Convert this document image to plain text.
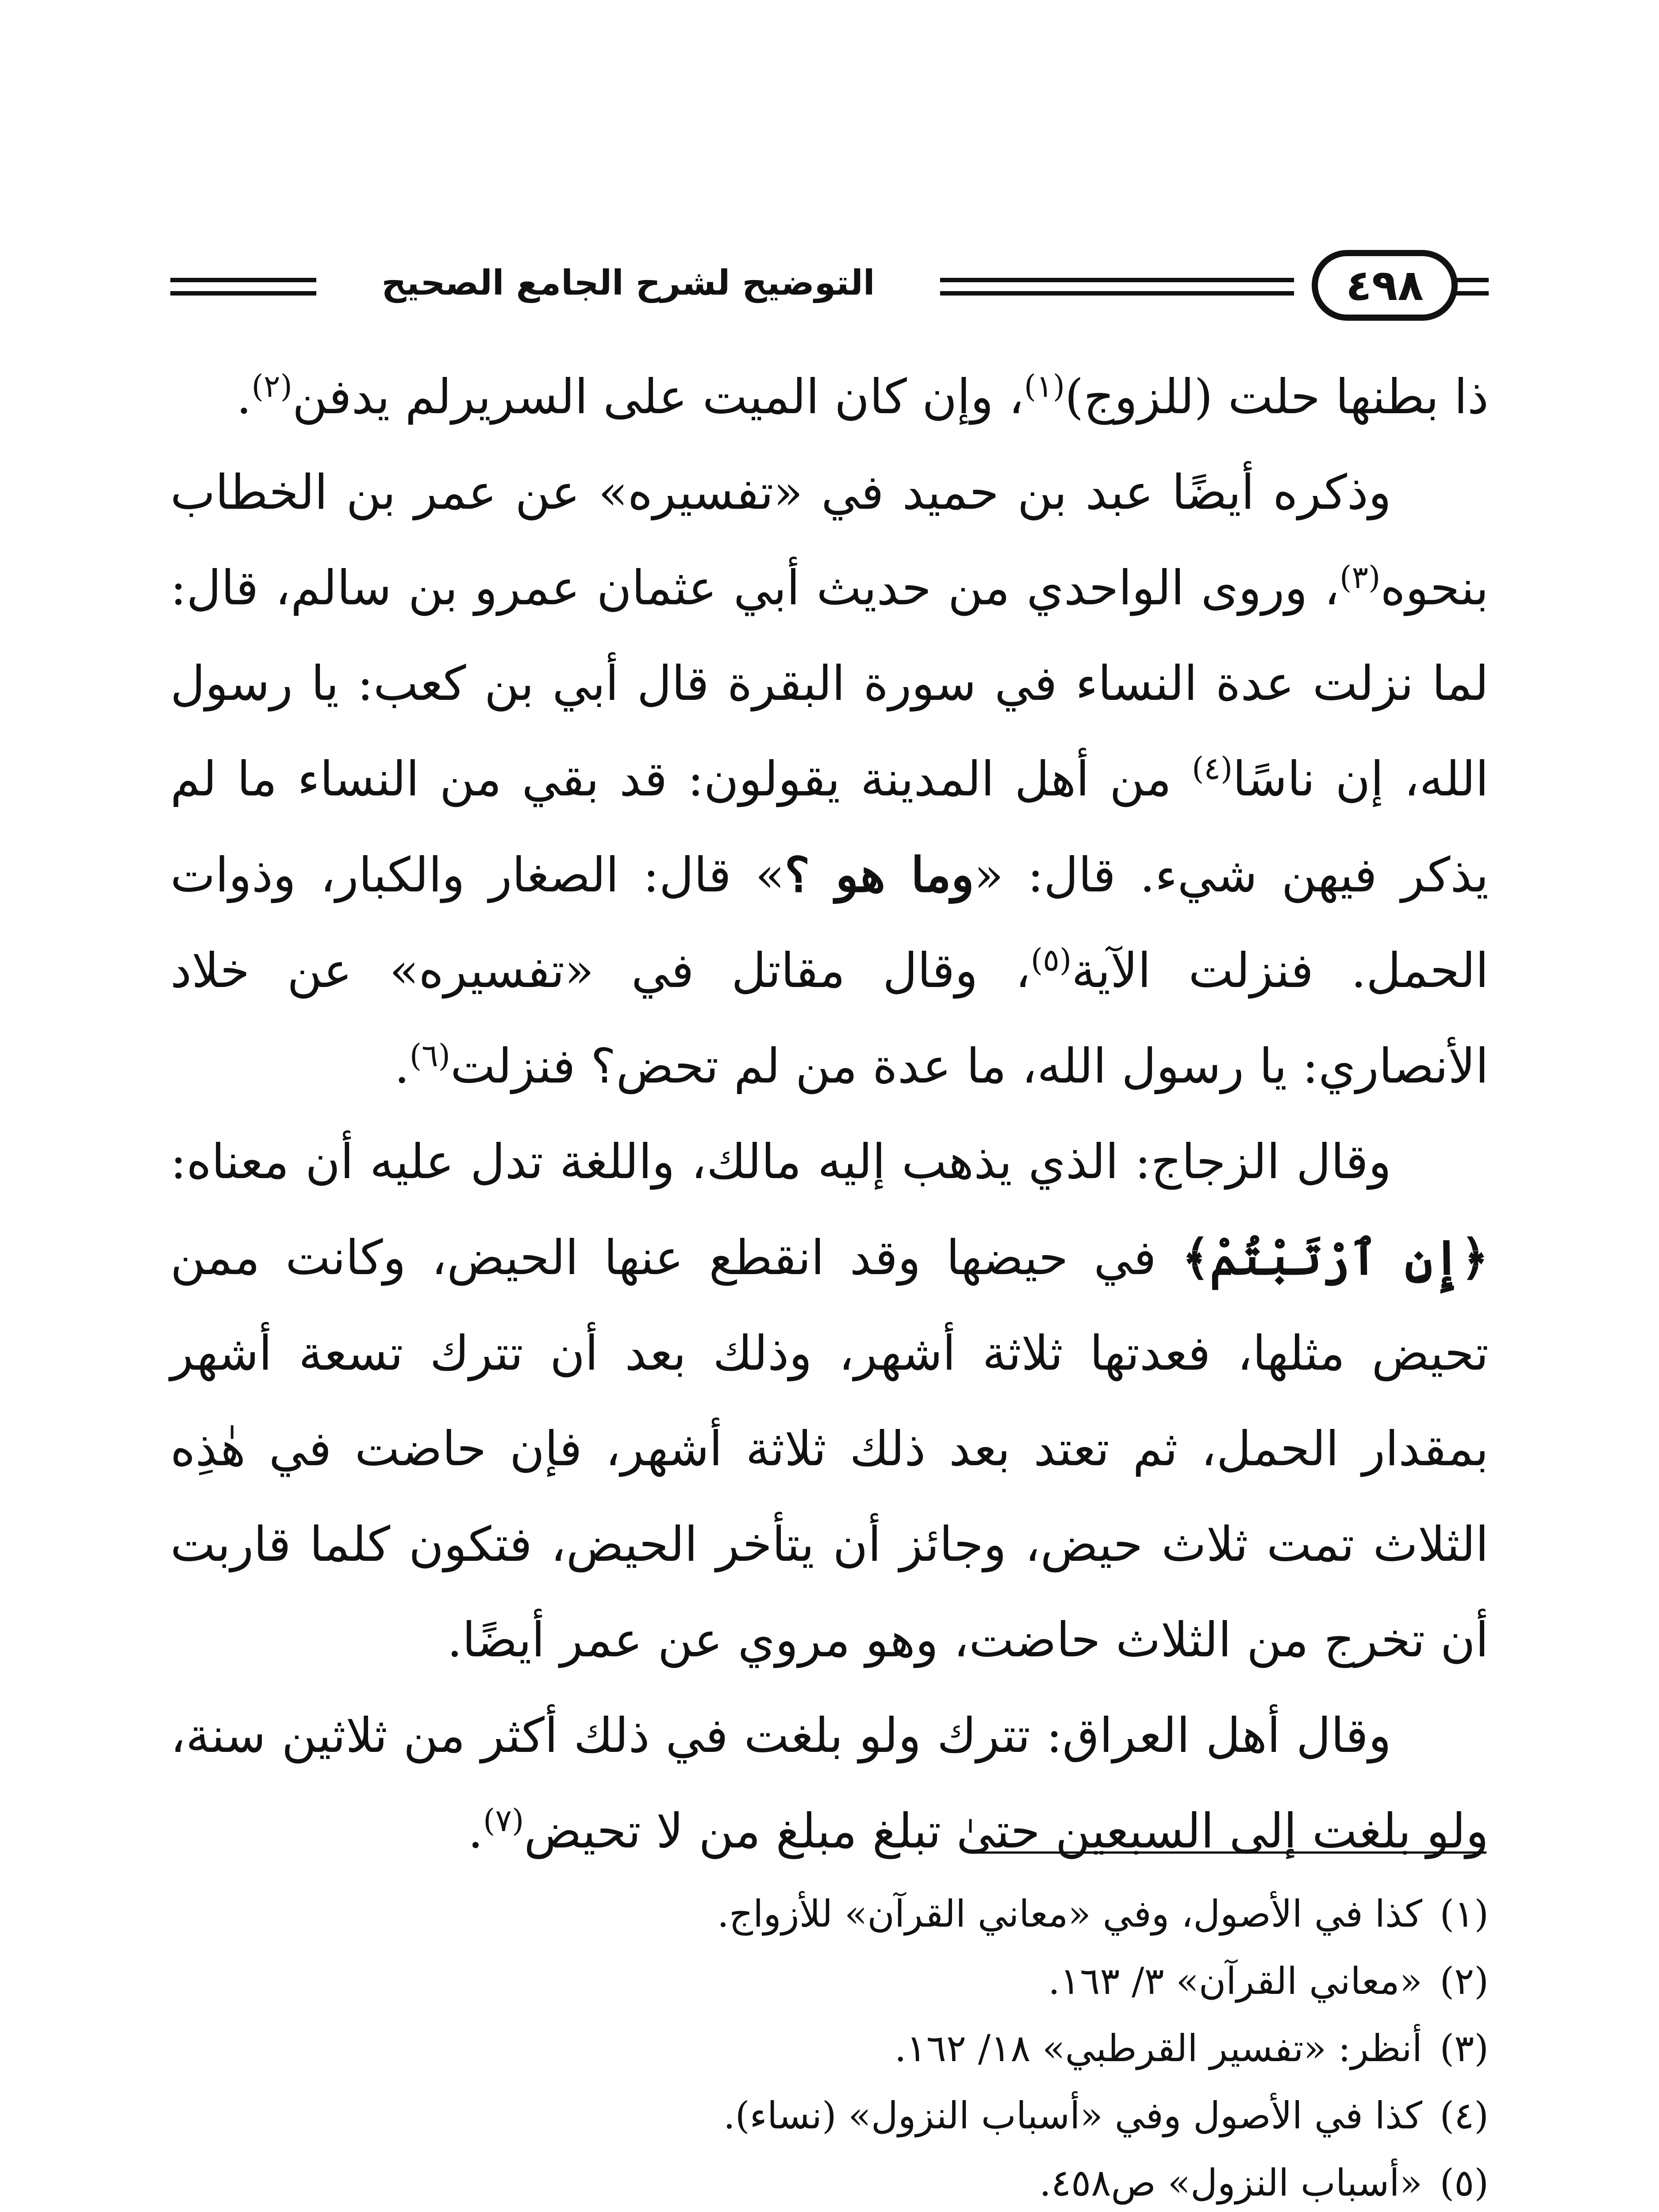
التوضيح لشرح الجامع الصحيح	٤٩٨

ذا بطنها حلت (للزوج)$^{(١)}$، وإن كان الميت على السريرلم يدفن$^{(٢)}$.

وذكره أيضًا عبد بن حميد في «تفسيره» عن عمر بن الخطاب بنحوه$^{(٣)}$، وروى الواحدي من حديث أبي عثمان عمرو بن سالم، قال: لما نزلت عدة النساء في سورة البقرة قال أبي بن كعب: يا رسول الله، إن ناسًا$^{(٤)}$ من أهل المدينة يقولون: قد بقي من النساء ما لم يذكر فيهن شيء. قال: «وما هو ؟» قال: الصغار والكبار، وذوات الحمل. فنزلت الآية$^{(٥)}$، وقال مقاتل في «تفسيره» عن خلاد الأنصاري: يا رسول الله، ما عدة من لم تحض؟ فنزلت$^{(٦)}$.

وقال الزجاج: الذي يذهب إليه مالك، واللغة تدل عليه أن معناه: ﴿إِنِ ٱرْتَبْتُمْ﴾ في حيضها وقد انقطع عنها الحيض، وكانت ممن تحيض مثلها، فعدتها ثلاثة أشهر، وذلك بعد أن تترك تسعة أشهر بمقدار الحمل، ثم تعتد بعد ذلك ثلاثة أشهر، فإن حاضت في هٰذِه الثلاث تمت ثلاث حيض، وجائز أن يتأخر الحيض، فتكون كلما قاربت أن تخرج من الثلاث حاضت، وهو مروي عن عمر أيضًا.

وقال أهل العراق: تترك ولو بلغت في ذلك أكثر من ثلاثين سنة، ولو بلغت إلى السبعين حتىٰ تبلغ مبلغ من لا تحيض$^{(٧)}$.

(١)
كذا في الأصول، وفي «معاني القرآن» للأزواج.
(٢)
«معاني القرآن» ٣/ ١٦٣.
(٣)
أنظر: «تفسير القرطبي» ١٨/ ١٦٢.
(٤)
كذا في الأصول وفي «أسباب النزول» (نساء).
(٥)
«أسباب النزول» ص٤٥٨.
